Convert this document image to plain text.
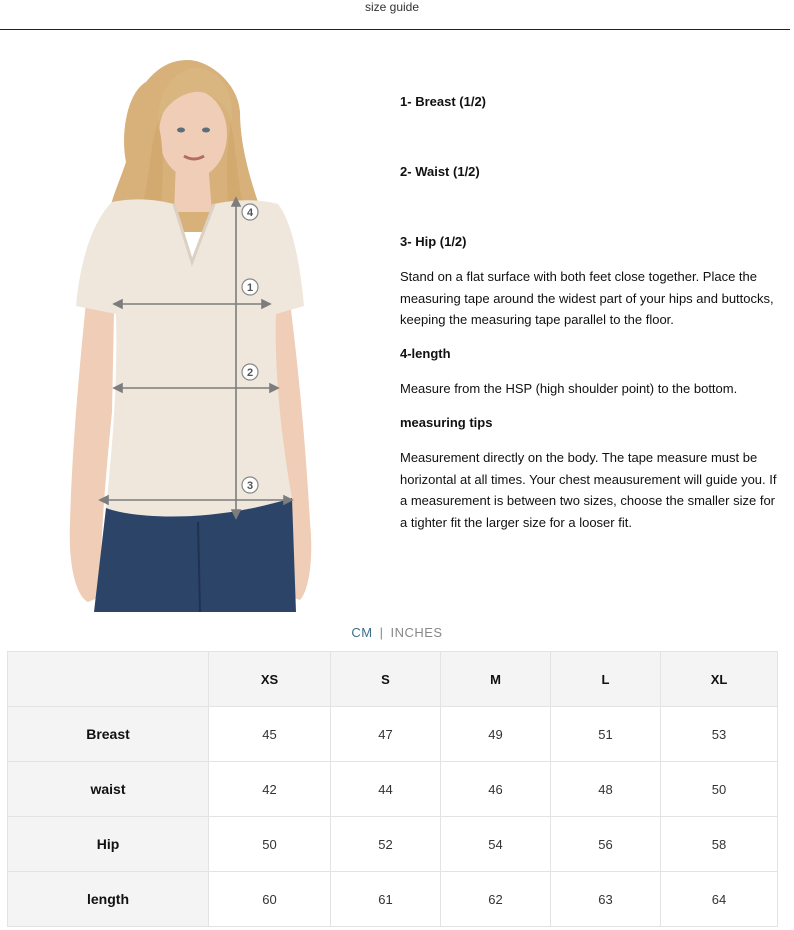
size guide
4
1
2
3
1- Breast (1/2)
2- Waist (1/2)
3- Hip (1/2)
Stand on a flat surface with both feet close together. Place the measuring tape around the widest part of your hips and buttocks, keeping the measuring tape parallel to the floor.
4-length
Measure from the HSP (high shoulder point) to the bottom.
measuring tips
Measurement directly on the body. The tape measure must be horizontal at all times. Your chest meausurement will guide you. If a measurement is between two sizes, choose the smaller size for a tighter fit the larger size for a looser fit.
CM | INCHES
	XS	S	M	L	XL
Breast	45	47	49	51	53
waist	42	44	46	48	50
Hip	50	52	54	56	58
length	60	61	62	63	64
